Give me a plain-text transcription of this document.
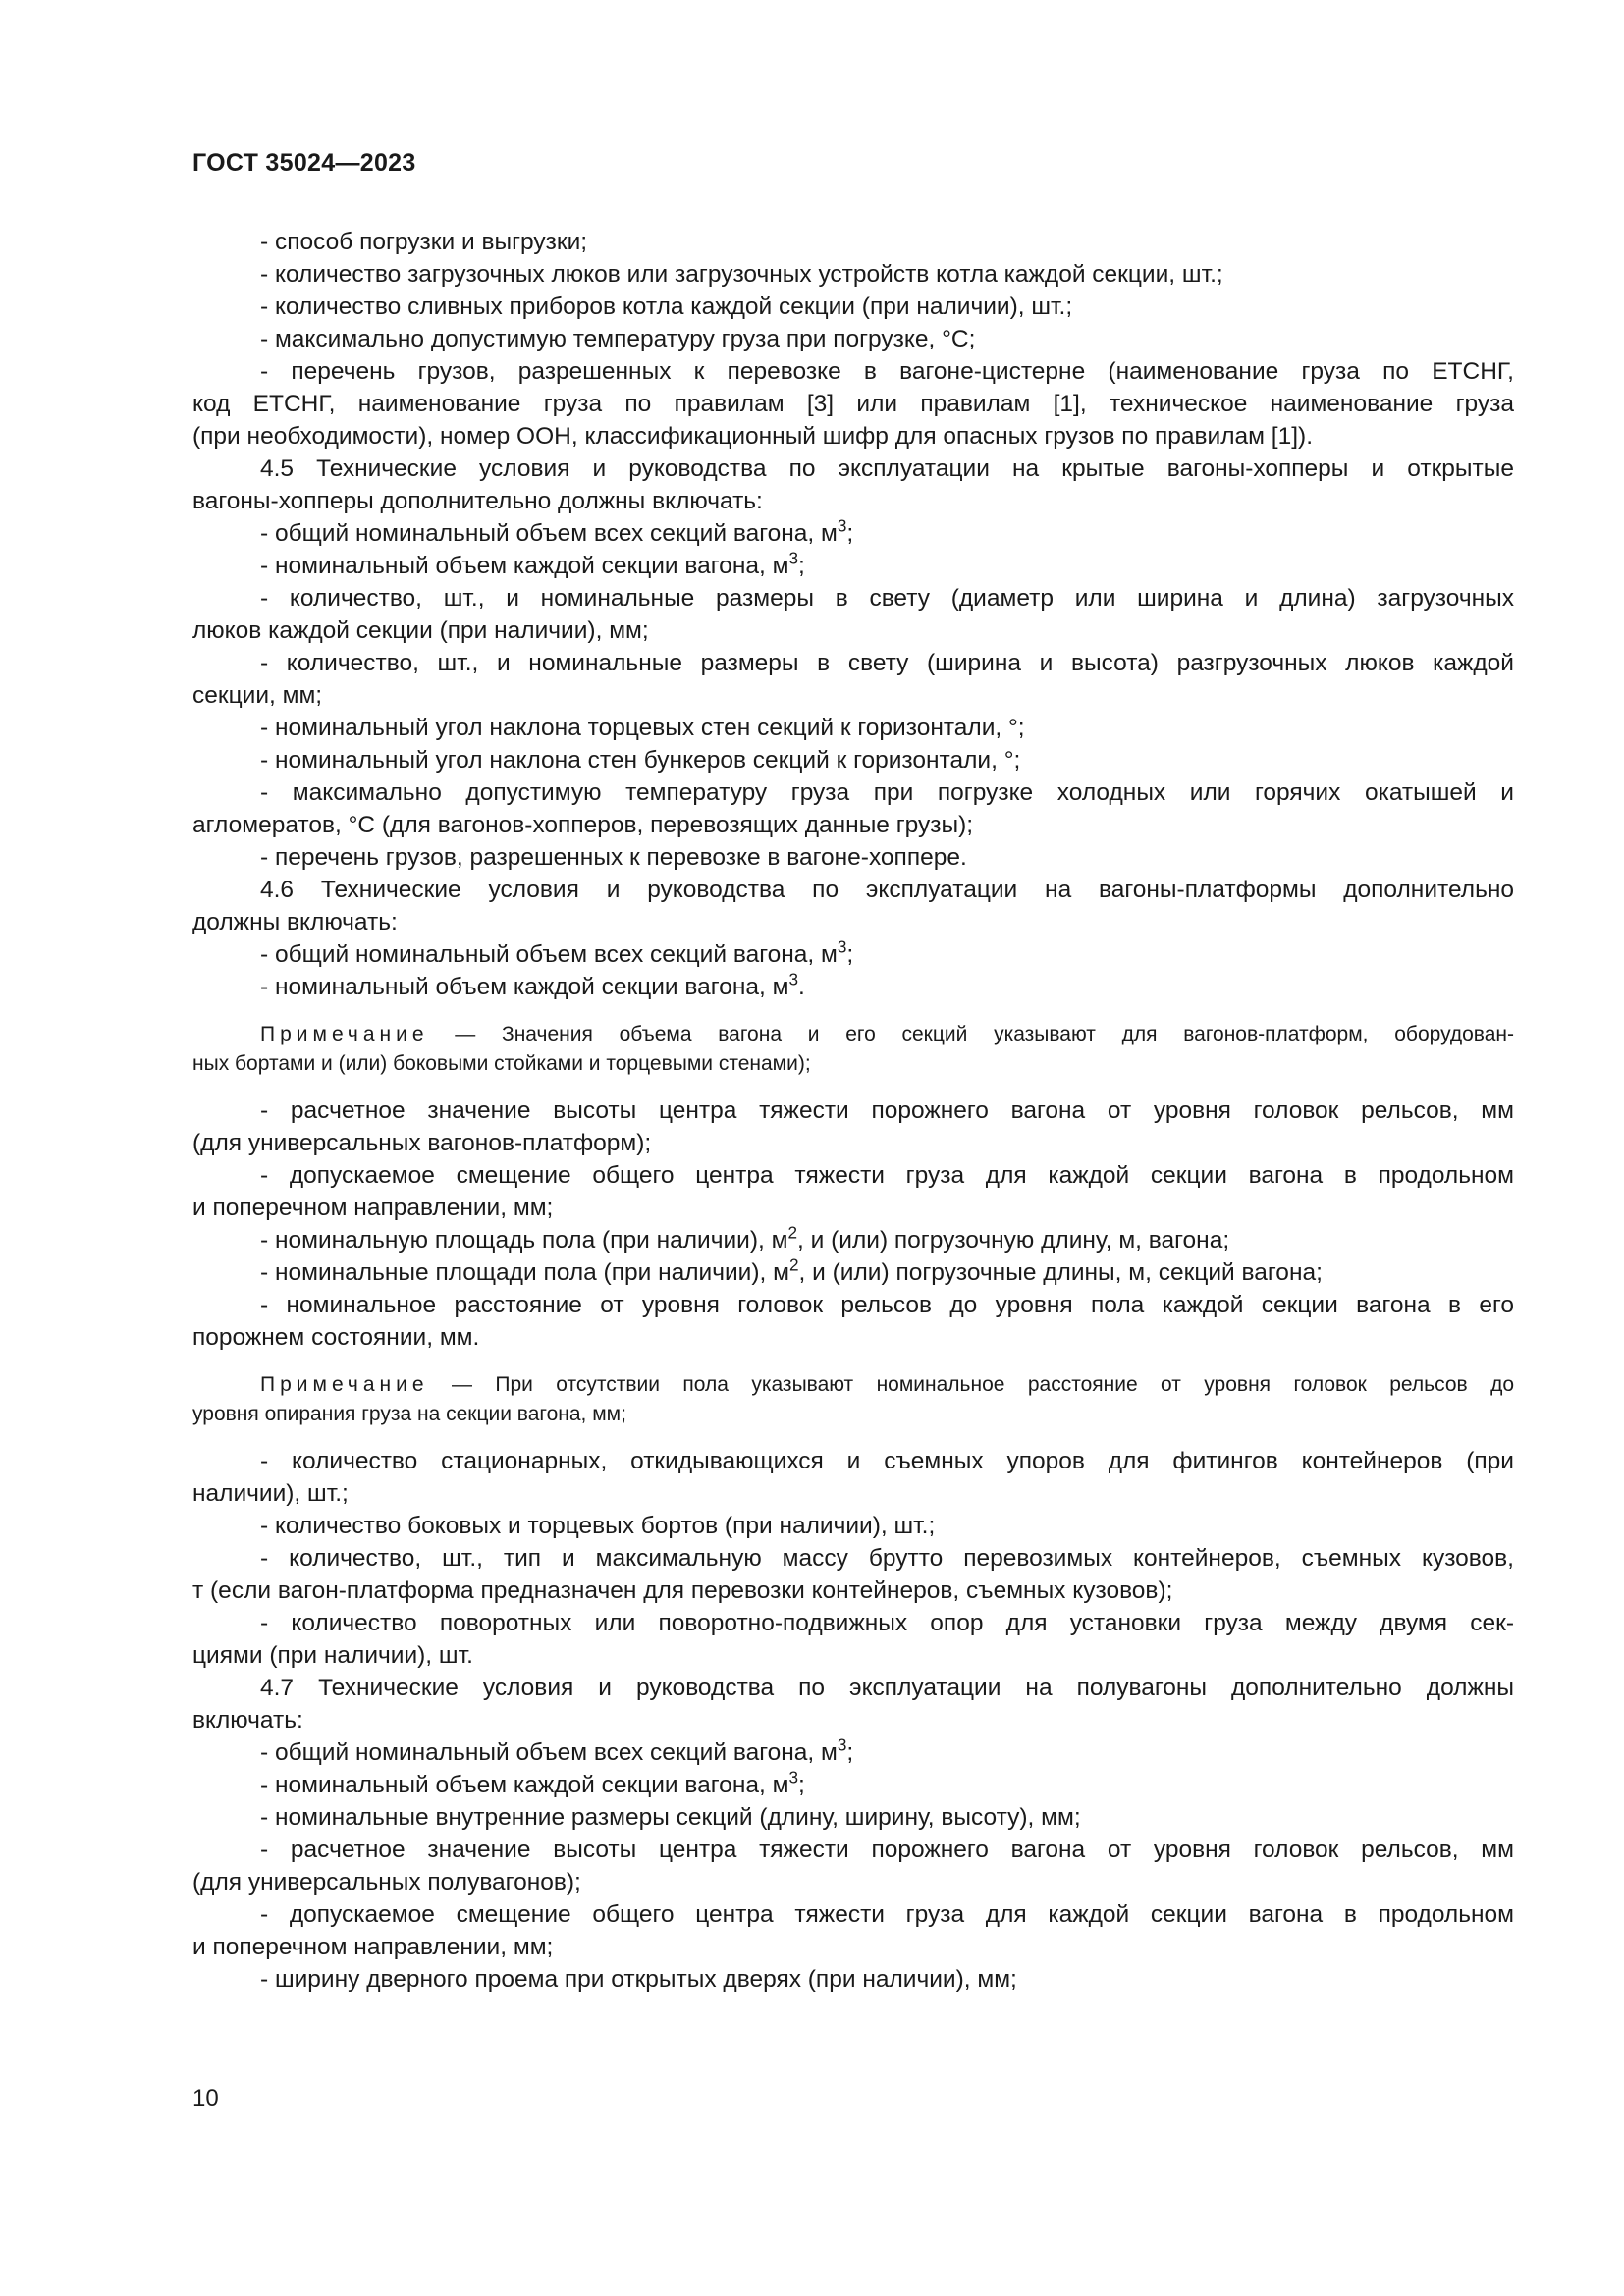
ГОСТ 35024—2023
- способ погрузки и выгрузки;
- количество загрузочных люков или загрузочных устройств котла каждой секции, шт.;
- количество сливных приборов котла каждой секции (при наличии), шт.;
- максимально допустимую температуру груза при погрузке, °С;
- перечень грузов, разрешенных к перевозке в вагоне-цистерне (наименование груза по ЕТСНГ,
код ЕТСНГ, наименование груза по правилам [3] или правилам [1], техническое наименование груза
(при необходимости), номер ООН, классификационный шифр для опасных грузов по правилам [1]).
4.5 Технические условия и руководства по эксплуатации на крытые вагоны-хопперы и открытые
вагоны-хопперы дополнительно должны включать:
- общий номинальный объем всех секций вагона, $м^3$;
- номинальный объем каждой секции вагона, $м^3$;
- количество, шт., и номинальные размеры в свету (диаметр или ширина и длина) загрузочных
люков каждой секции (при наличии), мм;
- количество, шт., и номинальные размеры в свету (ширина и высота) разгрузочных люков каждой
секции, мм;
- номинальный угол наклона торцевых стен секций к горизонтали, °;
- номинальный угол наклона стен бункеров секций к горизонтали, °;
- максимально допустимую температуру груза при погрузке холодных или горячих окатышей и
агломератов, °С (для вагонов-хопперов, перевозящих данные грузы);
- перечень грузов, разрешенных к перевозке в вагоне-хоппере.
4.6 Технические условия и руководства по эксплуатации на вагоны-платформы дополнительно
должны включать:
- общий номинальный объем всех секций вагона, $м^3$;
- номинальный объем каждой секции вагона, $м^3$.
Примечание — Значения объема вагона и его секций указывают для вагонов-платформ, оборудован-
ных бортами и (или) боковыми стойками и торцевыми стенами);
- расчетное значение высоты центра тяжести порожнего вагона от уровня головок рельсов, мм
(для универсальных вагонов-платформ);
- допускаемое смещение общего центра тяжести груза для каждой секции вагона в продольном
и поперечном направлении, мм;
- номинальную площадь пола (при наличии), $м^2$, и (или) погрузочную длину, м, вагона;
- номинальные площади пола (при наличии), $м^2$, и (или) погрузочные длины, м, секций вагона;
- номинальное расстояние от уровня головок рельсов до уровня пола каждой секции вагона в его
порожнем состоянии, мм.
Примечание — При отсутствии пола указывают номинальное расстояние от уровня головок рельсов до
уровня опирания груза на секции вагона, мм;
- количество стационарных, откидывающихся и съемных упоров для фитингов контейнеров (при
наличии), шт.;
- количество боковых и торцевых бортов (при наличии), шт.;
- количество, шт., тип и максимальную массу брутто перевозимых контейнеров, съемных кузовов,
т (если вагон-платформа предназначен для перевозки контейнеров, съемных кузовов);
- количество поворотных или поворотно-подвижных опор для установки груза между двумя сек-
циями (при наличии), шт.
4.7 Технические условия и руководства по эксплуатации на полувагоны дополнительно должны
включать:
- общий номинальный объем всех секций вагона, $м^3$;
- номинальный объем каждой секции вагона, $м^3$;
- номинальные внутренние размеры секций (длину, ширину, высоту), мм;
- расчетное значение высоты центра тяжести порожнего вагона от уровня головок рельсов, мм
(для универсальных полувагонов);
- допускаемое смещение общего центра тяжести груза для каждой секции вагона в продольном
и поперечном направлении, мм;
- ширину дверного проема при открытых дверях (при наличии), мм;
10
